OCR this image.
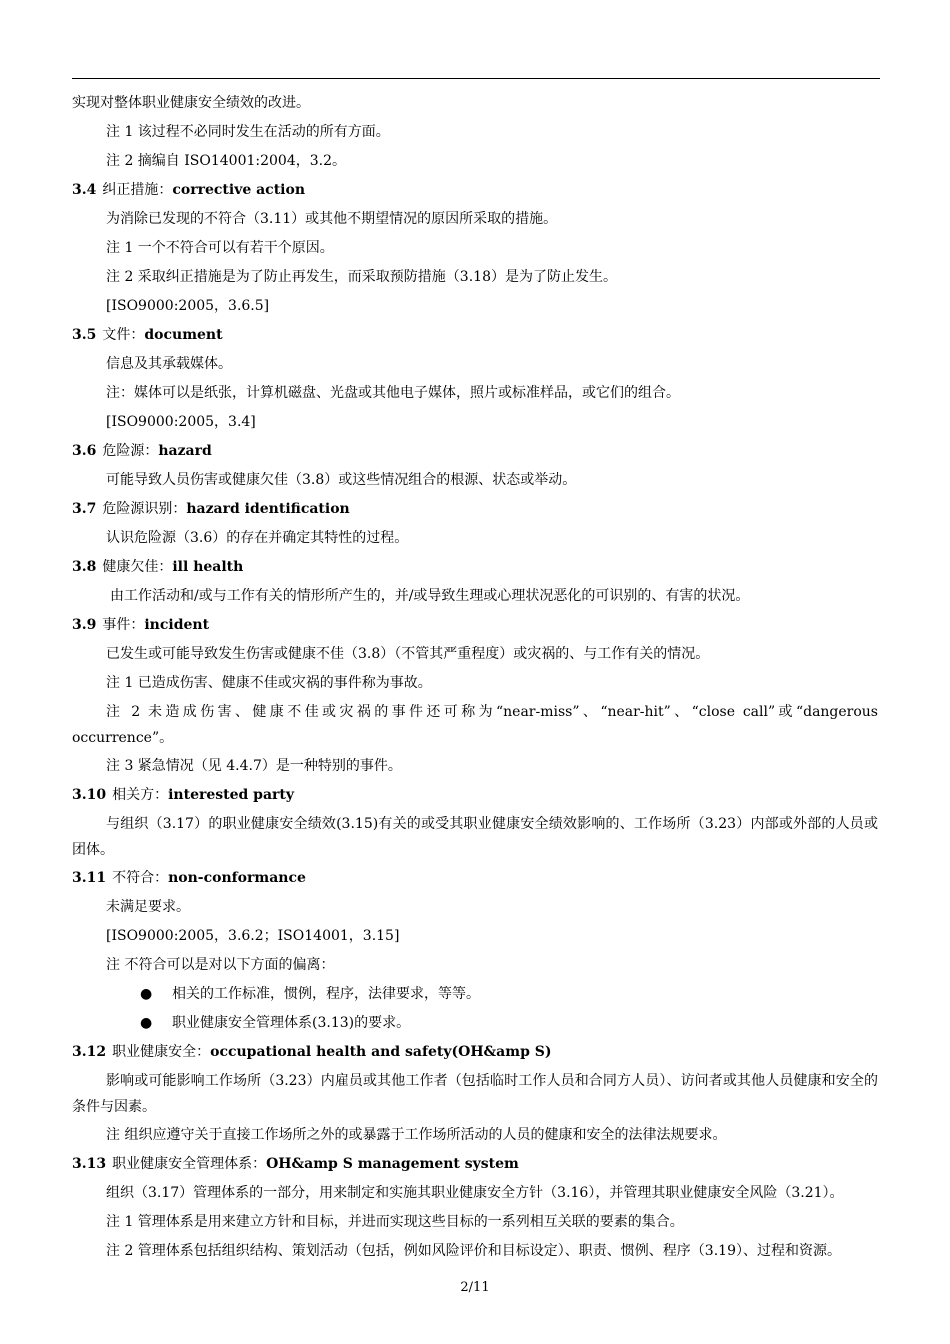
实现对整体职业健康安全绩效的改进。
注 1 该过程不必同时发生在活动的所有方面。
注 2 摘编自 ISO14001:2004，3.2。
3.4 纠正措施：corrective action
为消除已发现的不符合（3.11）或其他不期望情况的原因所采取的措施。
注 1 一个不符合可以有若干个原因。
注 2 采取纠正措施是为了防止再发生，而采取预防措施（3.18）是为了防止发生。
[ISO9000:2005，3.6.5]
3.5 文件：document
信息及其承载媒体。
注：媒体可以是纸张，计算机磁盘、光盘或其他电子媒体，照片或标准样品，或它们的组合。
[ISO9000:2005，3.4]
3.6 危险源：hazard
可能导致人员伤害或健康欠佳（3.8）或这些情况组合的根源、状态或举动。
3.7 危险源识别：hazard identification
认识危险源（3.6）的存在并确定其特性的过程。
3.8 健康欠佳：ill health
由工作活动和/或与工作有关的情形所产生的，并/或导致生理或心理状况恶化的可识别的、有害的状况。
3.9 事件：incident
已发生或可能导致发生伤害或健康不佳（3.8）（不管其严重程度）或灾祸的、与工作有关的情况。
注 1 已造成伤害、健康不佳或灾祸的事件称为事故。
注 2 未造成伤害、健康不佳或灾祸的事件还可称为“near-miss”、“near-hit”、“close call”或“dangerous occurrence”。
注 3 紧急情况（见 4.4.7）是一种特别的事件。
3.10 相关方：interested party
与组织（3.17）的职业健康安全绩效(3.15)有关的或受其职业健康安全绩效影响的、工作场所（3.23）内部或外部的人员或团体。
3.11 不符合：non-conformance
未满足要求。
[ISO9000:2005，3.6.2；ISO14001，3.15]
注 不符合可以是对以下方面的偏离：
● 相关的工作标准，惯例，程序，法律要求，等等。
● 职业健康安全管理体系(3.13)的要求。
3.12 职业健康安全：occupational health and safety(OH&amp S)
影响或可能影响工作场所（3.23）内雇员或其他工作者（包括临时工作人员和合同方人员）、访问者或其他人员健康和安全的条件与因素。
注 组织应遵守关于直接工作场所之外的或暴露于工作场所活动的人员的健康和安全的法律法规要求。
3.13 职业健康安全管理体系：OH&amp S management system
组织（3.17）管理体系的一部分，用来制定和实施其职业健康安全方针（3.16），并管理其职业健康安全风险（3.21）。
注 1 管理体系是用来建立方针和目标，并进而实现这些目标的一系列相互关联的要素的集合。
注 2 管理体系包括组织结构、策划活动（包括，例如风险评价和目标设定）、职责、惯例、程序（3.19）、过程和资源。
2/11
